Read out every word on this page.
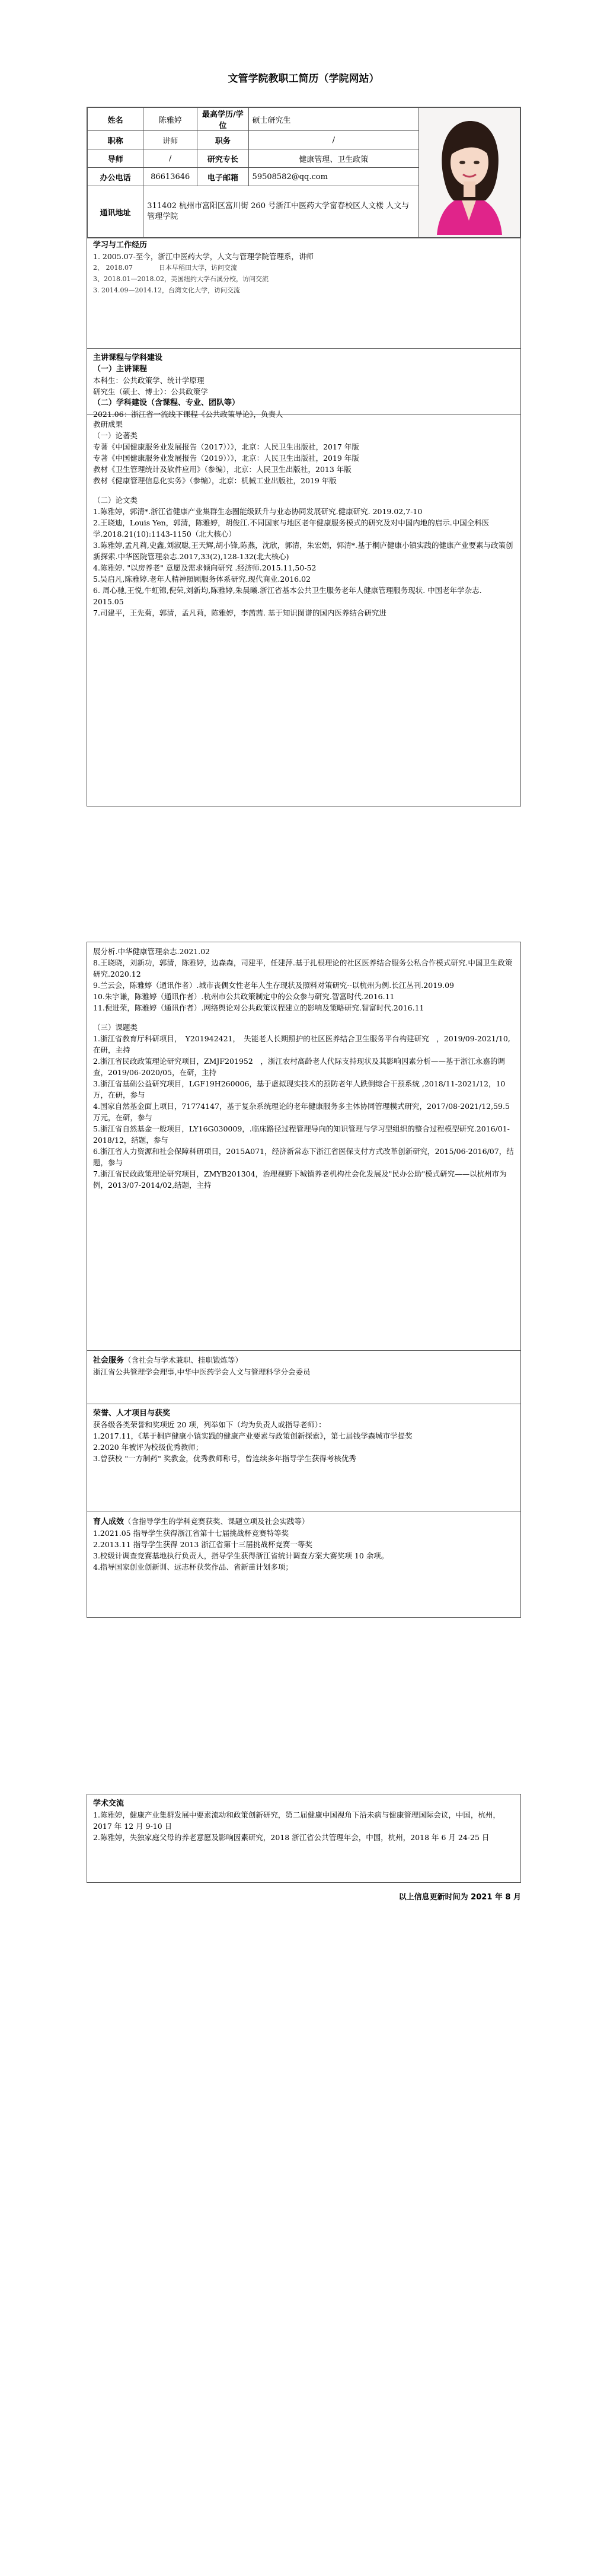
文管学院教职工简历（学院网站）
姓名	陈雅婷	最高学历/学位	硕士研究生	
职称	讲师	职务	/	
导师	/	研究专长	健康管理、卫生政策	
办公电话	86613646	电子邮箱	59508582@qq.com	
通讯地址	311402 杭州市富阳区富川街 260 号浙江中医药大学富春校区人文楼 人文与管理学院			

学习与工作经历
1. 2005.07-至今，浙江中医药大学，人文与管理学院管理系，讲师
2、 2018.07　　　　日本早稻田大学，访问交流
3、2018.01—2018.02，美国纽约大学石溪分校，访问交流
3. 2014.09—2014.12，台湾文化大学，访问交流
主讲课程与学科建设
（一）主讲课程
本科生：公共政策学、统计学原理
研究生（硕士、博士）：公共政策学
（二）学科建设（含课程、专业、团队等）
2021.06：浙江省一流线下课程《公共政策导论》，负责人
教研成果
（一）论著类
专著《中国健康服务业发展报告（2017））》，北京：人民卫生出版社，2017 年版
专著《中国健康服务业发展报告（2019））》，北京：人民卫生出版社，2019 年版
教材《卫生管理统计及软件应用》（参编），北京：人民卫生出版社，2013 年版
教材《健康管理信息化实务》（参编），北京：机械工业出版社，2019 年版
（二）论文类
1.陈雅婷，郭清*.浙江省健康产业集群生态圈能级跃升与业态协同发展研究.健康研究. 2019.02,7-10
2.王晓迪，Louis Yen，郭清，陈雅婷，胡俊江.不同国家与地区老年健康服务模式的研究及对中国内地的启示.中国全科医学.2018.21(10):1143-1150（北大核心）
3.陈雅婷,孟凡莉,史鑫,刘淑聪,王天辉,胡小锋,陈燕，沈欣，郭清，朱宏娟，郭清*.基于桐庐健康小镇实践的健康产业要素与政策创新探索.中华医院管理杂志.2017,33(2),128-132(北大核心)
4.陈雅婷. "以房养老" 意愿及需求倾向研究 .经济师.2015.11,50-52
5.吴启凡,陈雅婷.老年人精神照顾服务体系研究.现代商业.2016.02
6. 周心驰,王悦,牛虹锦,倪荣,刘新均,陈雅婷,朱晨曦.浙江省基本公共卫生服务老年人健康管理服务现状. 中国老年学杂志. 2015.05
7.司建平，王先菊，郭清，孟凡莉，陈雅婷，李茜茜. 基于知识图谱的国内医养结合研究进
展分析.中华健康管理杂志.2021.02
8.王晓晓，刘新功，郭清，陈雅婷，边森森，司建平，任建萍.基于扎根理论的社区医养结合服务公私合作模式研究.中国卫生政策研究.2020.12
9.兰云会，陈雅婷（通讯作者）.城市丧偶女性老年人生存现状及照料对策研究--以杭州为例.长江丛刊.2019.09
10.朱宇谦，陈雅婷（通讯作者）.杭州市公共政策制定中的公众参与研究.智富时代.2016.11
11.倪进荣，陈雅婷（通讯作者）.网络舆论对公共政策议程建立的影响及策略研究.智富时代.2016.11
（三）课题类
1.浙江省教育厅科研项目，　Y201942421，　失能老人长期照护的社区医养结合卫生服务平台构建研究　，2019/09-2021/10,在研，主持
2.浙江省民政政策理论研究项目，ZMJF201952　，浙江农村高龄老人代际支持现状及其影响因素分析——基于浙江永嘉的调查，2019/06-2020/05，在研，主持
3.浙江省基础公益研究项目，LGF19H260006，基于虚拟现实技术的预防老年人跌倒综合干预系统 ,2018/11-2021/12，10 万，在研，参与
4.国家自然基金面上项目，71774147，基于复杂系统理论的老年健康服务多主体协同管理模式研究，2017/08-2021/12,59.5 万元，在研，参与
5.浙江省自然基金一般项目，LY16G030009，.临床路径过程管理导向的知识管理与学习型组织的整合过程模型研究.2016/01-2018/12，结题，参与
6.浙江省人力资源和社会保障科研项目，2015A071，经济新常态下浙江省医保支付方式改革创新研究，2015/06-2016/07，结题，参与
7.浙江省民政政策理论研究项目，ZMYB201304，治理视野下城镇养老机构社会化发展及"民办公助"模式研究——以杭州市为例，2013/07-2014/02,结题，主持
社会服务（含社会与学术兼职、挂职锻炼等）
浙江省公共管理学会理事,中华中医药学会人文与管理科学分会委员
荣誉、人才项目与获奖
获各级各类荣誉和奖项近 20 项，列举如下（均为负责人或指导老师）：
1.2017.11，《基于桐庐健康小镇实践的健康产业要素与政策创新探索》，第七届钱学森城市学提奖
2.2020 年被评为校级优秀教师；
3.曾获校 "一方制药" 奖教金，优秀教师称号，曾连续多年指导学生获得考核优秀
育人成效（含指导学生的学科竞赛获奖、课题立项及社会实践等）
1.2021.05 指导学生获得浙江省第十七届挑战杯竞赛特等奖
2.2013.11 指导学生获得 2013 浙江省第十三届挑战杯竞赛一等奖
3.校级计调查竞赛基地执行负责人，指导学生获得浙江省统计调查方案大赛奖项 10 余项。
4.指导国家创业创新训、远志杯获奖作品、省新苗计划多项；
学术交流
1.陈雅婷，健康产业集群发展中要素流动和政策创新研究，第二届健康中国视角下沿未病与健康管理国际会议，中国，杭州，2017 年 12 月 9-10 日
2.陈雅婷，失独家庭父母的养老意愿及影响因素研究，2018 浙江省公共管理年会，中国，杭州，2018 年 6 月 24-25 日
以上信息更新时间为 2021 年 8 月
